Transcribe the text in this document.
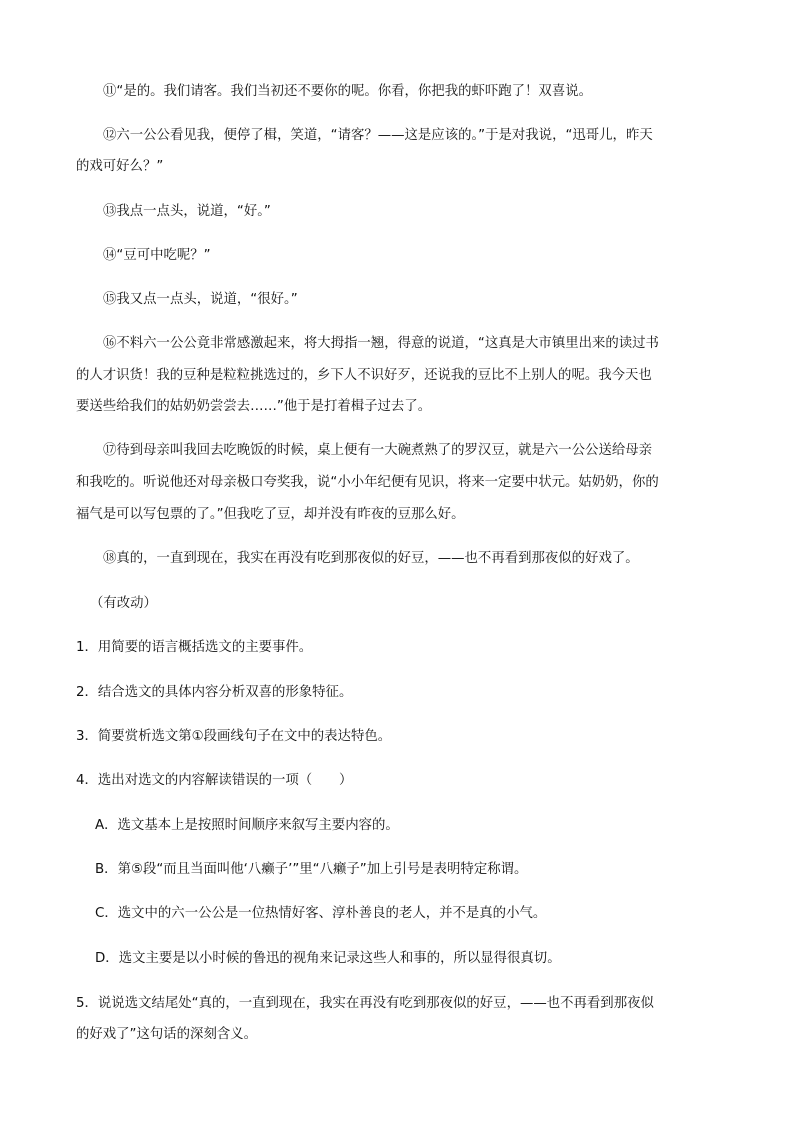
⑪“是的。我们请客。我们当初还不要你的呢。你看，你把我的虾吓跑了！双喜说。
⑫六一公公看见我，便停了楫，笑道，“请客？——这是应该的。”于是对我说，“迅哥儿，昨天
的戏可好么？”
⑬我点一点头，说道，“好。”
⑭“豆可中吃呢？”
⑮我又点一点头，说道，“很好。”
⑯不料六一公公竟非常感激起来，将大拇指一翘，得意的说道，“这真是大市镇里出来的读过书
的人才识货！我的豆种是粒粒挑选过的，乡下人不识好歹，还说我的豆比不上别人的呢。我今天也
要送些给我们的姑奶奶尝尝去……”他于是打着楫子过去了。
⑰待到母亲叫我回去吃晚饭的时候，桌上便有一大碗煮熟了的罗汉豆，就是六一公公送给母亲
和我吃的。听说他还对母亲极口夸奖我，说“小小年纪便有见识，将来一定要中状元。姑奶奶，你的
福气是可以写包票的了。”但我吃了豆，却并没有昨夜的豆那么好。
⑱真的，一直到现在，我实在再没有吃到那夜似的好豆，——也不再看到那夜似的好戏了。
（有改动）
1．用简要的语言概括选文的主要事件。
2．结合选文的具体内容分析双喜的形象特征。
3．简要赏析选文第①段画线句子在文中的表达特色。
4．选出对选文的内容解读错误的一项（　　）
A．选文基本上是按照时间顺序来叙写主要内容的。
B．第⑤段“而且当面叫他‘八癞子’”里“八癞子”加上引号是表明特定称谓。
C．选文中的六一公公是一位热情好客、淳朴善良的老人，并不是真的小气。
D．选文主要是以小时候的鲁迅的视角来记录这些人和事的，所以显得很真切。
5．说说选文结尾处“真的，一直到现在，我实在再没有吃到那夜似的好豆，——也不再看到那夜似
的好戏了”这句话的深刻含义。
